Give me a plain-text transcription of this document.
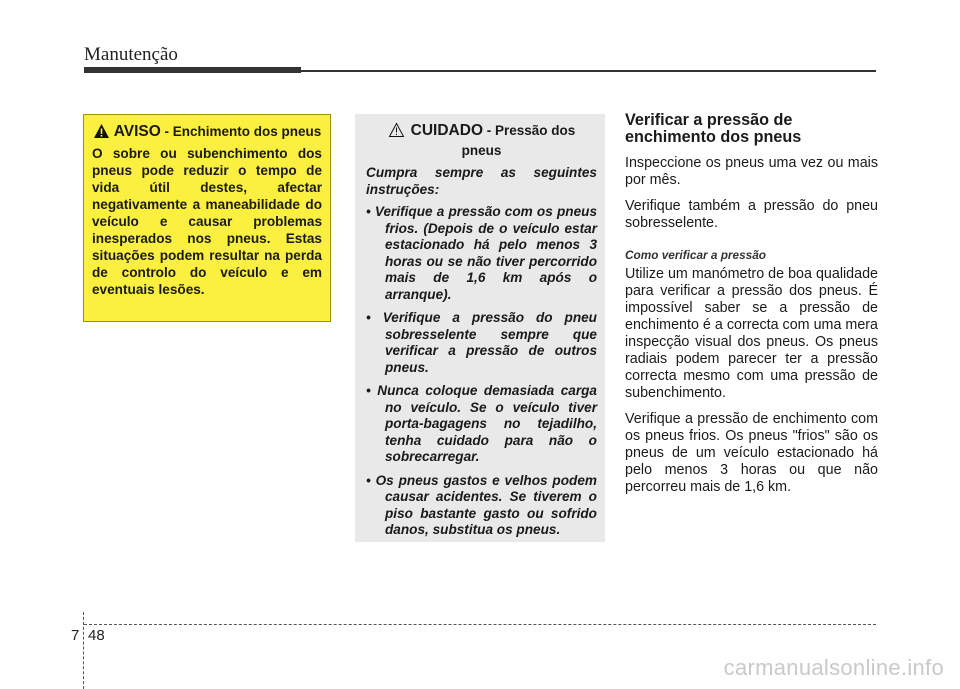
Manutenção
AVISO - Enchimento dos pneus
O sobre ou subenchimento dos pneus pode reduzir o tempo de vida útil destes, afectar negativamente a maneabilidade do veículo e causar problemas inesperados nos pneus. Estas situações podem resultar na perda de controlo do veículo e em eventuais lesões.
CUIDADO - Pressão dos pneus
Cumpra sempre as seguintes instruções:
• Verifique a pressão com os pneus frios. (Depois de o veículo estar estacionado há pelo menos 3 horas ou se não tiver percorrido mais de 1,6 km após o arranque).
• Verifique a pressão do pneu sobresselente sempre que verificar a pressão de outros pneus.
• Nunca coloque demasiada carga no veículo. Se o veículo tiver porta-bagagens no tejadilho, tenha cuidado para não o sobrecarregar.
• Os pneus gastos e velhos podem causar acidentes. Se tiverem o piso bastante gasto ou sofrido danos, substitua os pneus.
Verificar a pressão de enchimento dos pneus

Inspeccione os pneus uma vez ou mais por mês.

Verifique também a pressão do pneu sobresselente.

Como verificar a pressão

Utilize um manómetro de boa qualidade para verificar a pressão dos pneus. É impossível saber se a pressão de enchimento é a correcta com uma mera inspecção visual dos pneus. Os pneus radiais podem parecer ter a pressão correcta mesmo com uma pressão de subenchimento.

Verifique a pressão de enchimento com os pneus frios. Os pneus "frios" são os pneus de um veículo estacionado há pelo menos 3 horas ou que não percorreu mais de 1,6 km.

7 48
carmanualsonline.info
